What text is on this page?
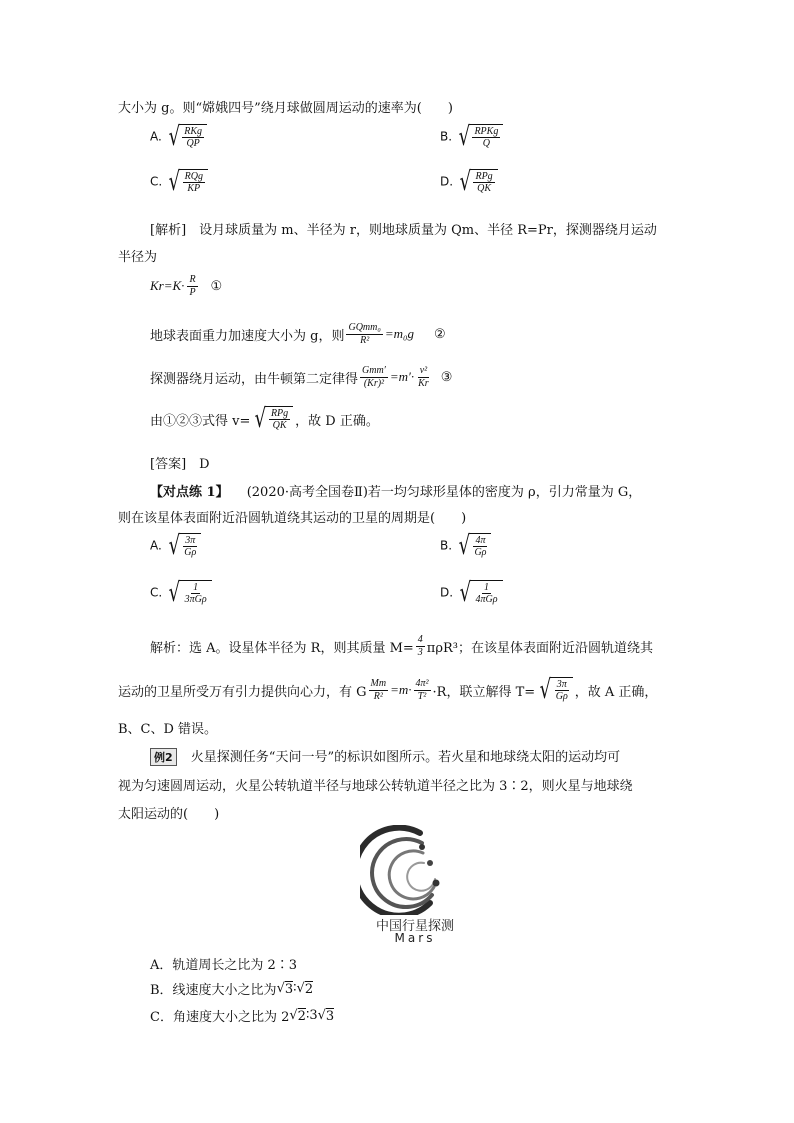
大小为 g。则“嫦娥四号”绕月球做圆周运动的速率为(　　)
A. √ $\frac{\text{RKg}}{QP}$	B. √ $\frac{\text{RPKg}}{Q}$
C. √ $\frac{\text{RQg}}{KP}$	D. √ $\frac{\text{RPg}}{QK}$
[解析]　设月球质量为 m、半径为 r，则地球质量为 Qm、半径 R=Pr，探测器绕月运动
半径为
$Kr=K\cdot \frac{R}{P}$ ①
地球表面重力加速度大小为 g，则 $\frac{\text{GQmm₀}}{\text{R²}} =m_0g$ ②
探测器绕月运动，由牛顿第二定律得 $\frac{\text{Gmm′}}{\text{(Kr)²}} =m'\cdot \frac{\text{v²}}{Kr}$ ③
由①②③式得 v= √ $\frac{\text{RPg}}{QK}$ ，故 D 正确。
[答案]　D
【对点练 1】 (2020·高考全国卷Ⅱ)若一均匀球形星体的密度为 ρ，引力常量为 G，
则在该星体表面附近沿圆轨道绕其运动的卫星的周期是(　　)
A. √ $\frac{3\pi}{G\rho}$	B. √ $\frac{4\pi}{G\rho}$
C. √ $\frac{1}{\text{3πGρ}}$	D. √ $\frac{1}{\text{4πGρ}}$
解析：选 A。设星体半径为 R，则其质量 $M= \frac{4}{3} \pi\rho R^3$；在该星体表面附近沿圆轨道绕其
运动的卫星所受万有引力提供向心力，有 G $\frac{Mm}{\text{R²}} =m\cdot \frac{\text{4π²}}{\text{T²}} \cdot R$，联立解得 T= √ $\frac{3\pi}{G\rho}$ ，故 A 正确，
B、C、D 错误。
例2 火星探测任务“天问一号”的标识如图所示。若火星和地球绕太阳的运动均可
视为匀速圆周运动，火星公转轨道半径与地球公转轨道半径之比为 3∶2，则火星与地球绕
太阳运动的(　　)
中国行星探测
Mars
A．轨道周长之比为 2∶3
B．线速度大小之比为 √ 3 ∶ √ 2
C．角速度大小之比为 2 √ 2 ∶3 √ 3
